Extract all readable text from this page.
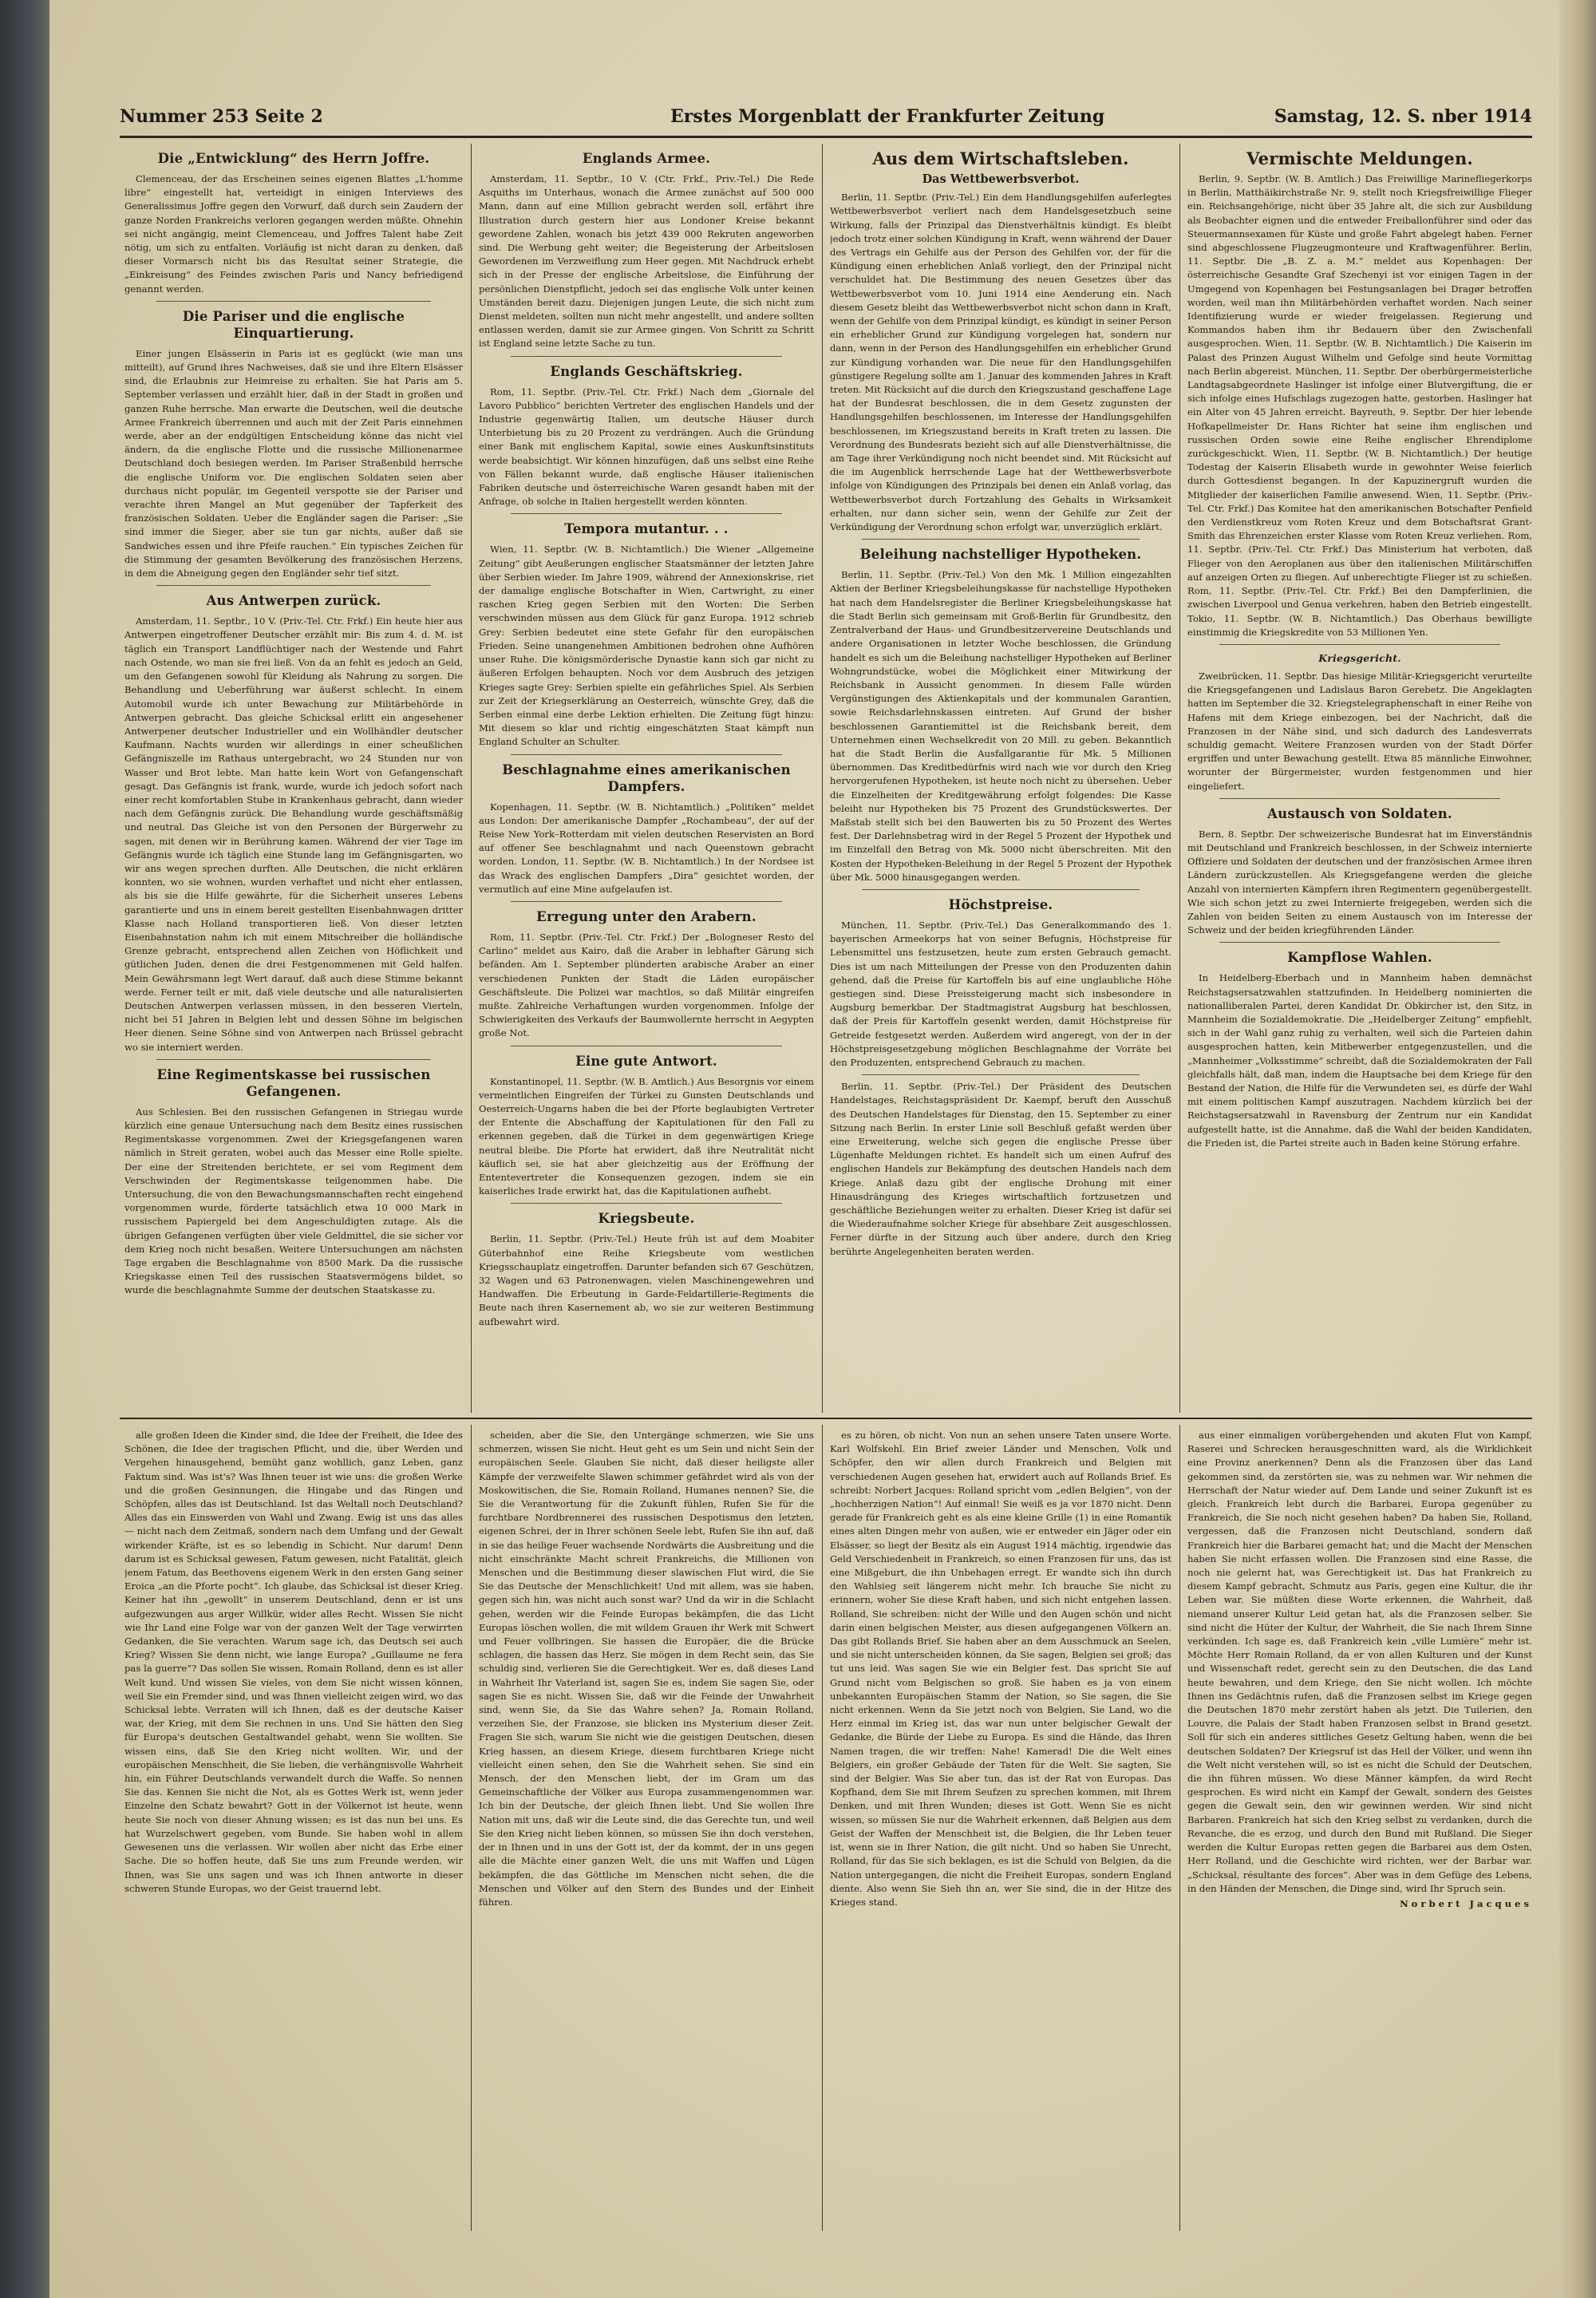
Nummer 253 Seite 2	Erstes Morgenblatt der Frankfurter Zeitung	Samstag, 12. S. nber 1914
Die „Entwicklung“ des Herrn Joffre.

Clemenceau, der das Erscheinen seines eigenen Blattes „L'homme libre“ eingestellt hat, verteidigt in einigen Interviews des Generalissimus Joffre gegen den Vorwurf, daß durch sein Zaudern der ganze Norden Frankreichs verloren gegangen werden müßte. Ohnehin sei nicht angängig, meint Clemenceau, und Joffres Talent habe Zeit nötig, um sich zu entfalten. Vorläufig ist nicht daran zu denken, daß dieser Vormarsch nicht bis das Resultat seiner Strategie, die „Einkreisung“ des Feindes zwischen Paris und Nancy befriedigend genannt werden.

Die Pariser und die englische Einquartierung.

Einer jungen Elsässerin in Paris ist es geglückt (wie man uns mitteilt), auf Grund ihres Nachweises, daß sie und ihre Eltern Elsässer sind, die Erlaubnis zur Heimreise zu erhalten. Sie hat Paris am 5. September verlassen und erzählt hier, daß in der Stadt in großen und ganzen Ruhe herrsche. Man erwarte die Deutschen, weil die deutsche Armee Frankreich überrennen und auch mit der Zeit Paris einnehmen werde, aber an der endgültigen Entscheidung könne das nicht viel ändern, da die englische Flotte und die russische Millionenarmee Deutschland doch besiegen werden. Im Pariser Straßenbild herrsche die englische Uniform vor. Die englischen Soldaten seien aber durchaus nicht populär, im Gegenteil verspotte sie der Pariser und verachte ihren Mangel an Mut gegenüber der Tapferkeit des französischen Soldaten. Ueber die Engländer sagen die Pariser: „Sie sind immer die Sieger, aber sie tun gar nichts, außer daß sie Sandwiches essen und ihre Pfeife rauchen.“ Ein typisches Zeichen für die Stimmung der gesamten Bevölkerung des französischen Herzens, in dem die Abneigung gegen den Engländer sehr tief sitzt.

Aus Antwerpen zurück.

Amsterdam, 11. Septbr., 10 V. (Priv.-Tel. Ctr. Frkf.) Ein heute hier aus Antwerpen eingetroffener Deutscher erzählt mir: Bis zum 4. d. M. ist täglich ein Transport Landflüchtiger nach der Westende und Fahrt nach Ostende, wo man sie frei ließ. Von da an fehlt es jedoch an Geld, um den Gefangenen sowohl für Kleidung als Nahrung zu sorgen. Die Behandlung und Ueberführung war äußerst schlecht. In einem Automobil wurde ich unter Bewachung zur Militärbehörde in Antwerpen gebracht. Das gleiche Schicksal erlitt ein angesehener Antwerpener deutscher Industrieller und ein Wollhändler deutscher Kaufmann. Nachts wurden wir allerdings in einer scheußlichen Gefängniszelle im Rathaus untergebracht, wo 24 Stunden nur von Wasser und Brot lebte. Man hatte kein Wort von Gefangenschaft gesagt. Das Gefängnis ist frank, wurde, wurde ich jedoch sofort nach einer recht komfortablen Stube in Krankenhaus gebracht, dann wieder nach dem Gefängnis zurück. Die Behandlung wurde geschäftsmäßig und neutral. Das Gleiche ist von den Personen der Bürgerwehr zu sagen, mit denen wir in Berührung kamen. Während der vier Tage im Gefängnis wurde ich täglich eine Stunde lang im Gefängnisgarten, wo wir ans wegen sprechen durften. Alle Deutschen, die nicht erklären konnten, wo sie wohnen, wurden verhaftet und nicht eher entlassen, als bis sie die Hilfe gewährte, für die Sicherheit unseres Lebens garantierte und uns in einem bereit gestellten Eisenbahnwagen dritter Klasse nach Holland transportieren ließ. Von dieser letzten Eisenbahnstation nahm ich mit einem Mitschreiber die holländische Grenze gebracht, entsprechend allen Zeichen von Höflichkeit und gütlichen Juden, denen die drei Festgenommenen mit Geld halfen. Mein Gewährsmann legt Wert darauf, daß auch diese Stimme bekannt werde. Ferner teilt er mit, daß viele deutsche und alle naturalisierten Deutschen Antwerpen verlassen müssen, in den besseren Vierteln, nicht bei 51 Jahren in Belgien lebt und dessen Söhne im belgischen Heer dienen. Seine Söhne sind von Antwerpen nach Brüssel gebracht wo sie interniert werden.

Eine Regimentskasse bei russischen Gefangenen.

Aus Schlesien. Bei den russischen Gefangenen in Striegau wurde kürzlich eine genaue Untersuchung nach dem Besitz eines russischen Regimentskasse vorgenommen. Zwei der Kriegsgefangenen waren nämlich in Streit geraten, wobei auch das Messer eine Rolle spielte. Der eine der Streitenden berichtete, er sei vom Regiment dem Verschwinden der Regimentskasse teilgenommen habe. Die Untersuchung, die von den Bewachungsmannschaften recht eingehend vorgenommen wurde, förderte tatsächlich etwa 10 000 Mark in russischem Papiergeld bei dem Angeschuldigten zutage. Als die übrigen Gefangenen verfügten über viele Geldmittel, die sie sicher vor dem Krieg noch nicht besaßen. Weitere Untersuchungen am nächsten Tage ergaben die Beschlagnahme von 8500 Mark. Da die russische Kriegskasse einen Teil des russischen Staatsvermögens bildet, so wurde die beschlagnahmte Summe der deutschen Staatskasse zu.

Englands Armee.

Amsterdam, 11. Septbr., 10 V. (Ctr. Frkf., Priv.-Tel.) Die Rede Asquiths im Unterhaus, wonach die Armee zunächst auf 500 000 Mann, dann auf eine Million gebracht werden soll, erfährt ihre Illustration durch gestern hier aus Londoner Kreise bekannt gewordene Zahlen, wonach bis jetzt 439 000 Rekruten angeworben sind. Die Werbung geht weiter; die Begeisterung der Arbeitslosen Gewordenen im Verzweiflung zum Heer gegen. Mit Nachdruck erhebt sich in der Presse der englische Arbeitslose, die Einführung der persönlichen Dienstpflicht, jedoch sei das englische Volk unter keinen Umständen bereit dazu. Diejenigen jungen Leute, die sich nicht zum Dienst meldeten, sollten nun nicht mehr angestellt, und andere sollten entlassen werden, damit sie zur Armee gingen. Von Schritt zu Schritt ist England seine letzte Sache zu tun.

Englands Geschäftskrieg.

Rom, 11. Septbr. (Priv.-Tel. Ctr. Frkf.) Nach dem „Giornale del Lavoro Pubblico“ berichten Vertreter des englischen Handels und der Industrie gegenwärtig Italien, um deutsche Häuser durch Unterbietung bis zu 20 Prozent zu verdrängen. Auch die Gründung einer Bank mit englischem Kapital, sowie eines Auskunftsinstituts werde beabsichtigt. Wir können hinzufügen, daß uns selbst eine Reihe von Fällen bekannt wurde, daß englische Häuser italienischen Fabriken deutsche und österreichische Waren gesandt haben mit der Anfrage, ob solche in Italien hergestellt werden könnten.

Tempora mutantur. . .

Wien, 11. Septbr. (W. B. Nichtamtlich.) Die Wiener „Allgemeine Zeitung“ gibt Aeußerungen englischer Staatsmänner der letzten Jahre über Serbien wieder. Im Jahre 1909, während der Annexionskrise, riet der damalige englische Botschafter in Wien, Cartwright, zu einer raschen Krieg gegen Serbien mit den Worten: Die Serben verschwinden müssen aus dem Glück für ganz Europa. 1912 schrieb Grey: Serbien bedeutet eine stete Gefahr für den europäischen Frieden. Seine unangenehmen Ambitionen bedrohen ohne Aufhören unser Ruhe. Die königsmörderische Dynastie kann sich gar nicht zu äußeren Erfolgen behaupten. Noch vor dem Ausbruch des jetzigen Krieges sagte Grey: Serbien spielte ein gefährliches Spiel. Als Serbien zur Zeit der Kriegserklärung an Oesterreich, wünschte Grey, daß die Serben einmal eine derbe Lektion erhielten. Die Zeitung fügt hinzu: Mit diesem so klar und richtig eingeschätzten Staat kämpft nun England Schulter an Schulter.

Beschlagnahme eines amerikanischen Dampfers.

Kopenhagen, 11. Septbr. (W. B. Nichtamtlich.) „Politiken“ meldet aus London: Der amerikanische Dampfer „Rochambeau“, der auf der Reise New York–Rotterdam mit vielen deutschen Reservisten an Bord auf offener See beschlagnahmt und nach Queenstown gebracht worden. London, 11. Septbr. (W. B. Nichtamtlich.) In der Nordsee ist das Wrack des englischen Dampfers „Dira“ gesichtet worden, der vermutlich auf eine Mine aufgelaufen ist.

Erregung unter den Arabern.

Rom, 11. Septbr. (Priv.-Tel. Ctr. Frkf.) Der „Bologneser Resto del Carlino“ meldet aus Kairo, daß die Araber in lebhafter Gärung sich befänden. Am 1. September plünderten arabische Araber an einer verschiedenen Punkten der Stadt die Läden europäischer Geschäftsleute. Die Polizei war machtlos, so daß Militär eingreifen mußte. Zahlreiche Verhaftungen wurden vorgenommen. Infolge der Schwierigkeiten des Verkaufs der Baumwollernte herrscht in Aegypten große Not.

Eine gute Antwort.

Konstantinopel, 11. Septbr. (W. B. Amtlich.) Aus Besorgnis vor einem vermeintlichen Eingreifen der Türkei zu Gunsten Deutschlands und Oesterreich-Ungarns haben die bei der Pforte beglaubigten Vertreter der Entente die Abschaffung der Kapitulationen für den Fall zu erkennen gegeben, daß die Türkei in dem gegenwärtigen Kriege neutral bleibe. Die Pforte hat erwidert, daß ihre Neutralität nicht käuflich sei, sie hat aber gleichzeitig aus der Eröffnung der Ententevertreter die Konsequenzen gezogen, indem sie ein kaiserliches Irade erwirkt hat, das die Kapitulationen aufhebt.

Kriegsbeute.

Berlin, 11. Septbr. (Priv.-Tel.) Heute früh ist auf dem Moabiter Güterbahnhof eine Reihe Kriegsbeute vom westlichen Kriegsschauplatz eingetroffen. Darunter befanden sich 67 Geschützen, 32 Wagen und 63 Patronenwagen, vielen Maschinengewehren und Handwaffen. Die Erbeutung in Garde-Feldartillerie-Regiments die Beute nach ihren Kasernement ab, wo sie zur weiteren Bestimmung aufbewahrt wird.

Aus dem Wirtschaftsleben.
Das Wettbewerbsverbot.

Berlin, 11. Septbr. (Priv.-Tel.) Ein dem Handlungsgehilfen auferlegtes Wettbewerbsverbot verliert nach dem Handelsgesetzbuch seine Wirkung, falls der Prinzipal das Dienstverhältnis kündigt. Es bleibt jedoch trotz einer solchen Kündigung in Kraft, wenn während der Dauer des Vertrags ein Gehilfe aus der Person des Gehilfen vor, der für die Kündigung einen erheblichen Anlaß vorliegt, den der Prinzipal nicht verschuldet hat. Die Bestimmung des neuen Gesetzes über das Wettbewerbsverbot vom 10. Juni 1914 eine Aenderung ein. Nach diesem Gesetz bleibt das Wettbewerbsverbot nicht schon dann in Kraft, wenn der Gehilfe von dem Prinzipal kündigt, es kündigt in seiner Person ein erheblicher Grund zur Kündigung vorgelegen hat, sondern nur dann, wenn in der Person des Handlungsgehilfen ein erheblicher Grund zur Kündigung vorhanden war. Die neue für den Handlungsgehilfen günstigere Regelung sollte am 1. Januar des kommenden Jahres in Kraft treten. Mit Rücksicht auf die durch den Kriegszustand geschaffene Lage hat der Bundesrat beschlossen, die in dem Gesetz zugunsten der Handlungsgehilfen beschlossenen, im Interesse der Handlungsgehilfen beschlossenen, im Kriegszustand bereits in Kraft treten zu lassen. Die Verordnung des Bundesrats bezieht sich auf alle Dienstverhältnisse, die am Tage ihrer Verkündigung noch nicht beendet sind. Mit Rücksicht auf die im Augenblick herrschende Lage hat der Wettbewerbsverbote infolge von Kündigungen des Prinzipals bei denen ein Anlaß vorlag, das Wettbewerbsverbot durch Fortzahlung des Gehalts in Wirksamkeit erhalten, nur dann sicher sein, wenn der Gehilfe zur Zeit der Verkündigung der Verordnung schon erfolgt war, unverzüglich erklärt.

Beleihung nachstelliger Hypotheken.

Berlin, 11. Septbr. (Priv.-Tel.) Von den Mk. 1 Million eingezahlten Aktien der Berliner Kriegsbeleihungskasse für nachstellige Hypotheken hat nach dem Handelsregister die Berliner Kriegsbeleihungskasse hat die Stadt Berlin sich gemeinsam mit Groß-Berlin für Grundbesitz, den Zentralverband der Haus- und Grundbesitzervereine Deutschlands und andere Organisationen in letzter Woche beschlossen, die Gründung handelt es sich um die Beleihung nachstelliger Hypotheken auf Berliner Wohngrundstücke, wobei die Möglichkeit einer Mitwirkung der Reichsbank in Aussicht genommen. In diesem Falle würden Vergünstigungen des Aktienkapitals und der kommunalen Garantien, sowie Reichsdarlehnskassen eintreten. Auf Grund der bisher beschlossenen Garantiemittel ist die Reichsbank bereit, dem Unternehmen einen Wechselkredit von 20 Mill. zu geben. Bekanntlich hat die Stadt Berlin die Ausfallgarantie für Mk. 5 Millionen übernommen. Das Kreditbedürfnis wird nach wie vor durch den Krieg hervorgerufenen Hypotheken, ist heute noch nicht zu übersehen. Ueber die Einzelheiten der Kreditgewährung erfolgt folgendes: Die Kasse beleiht nur Hypotheken bis 75 Prozent des Grundstückswertes. Der Maßstab stellt sich bei den Bauwerten bis zu 50 Prozent des Wertes fest. Der Darlehnsbetrag wird in der Regel 5 Prozent der Hypothek und im Einzelfall den Betrag von Mk. 5000 nicht überschreiten. Mit den Kosten der Hypotheken-Beleihung in der Regel 5 Prozent der Hypothek über Mk. 5000 hinausgegangen werden.

Höchstpreise.

München, 11. Septbr. (Priv.-Tel.) Das Generalkommando des 1. bayerischen Armeekorps hat von seiner Befugnis, Höchstpreise für Lebensmittel uns festzusetzen, heute zum ersten Gebrauch gemacht. Dies ist um nach Mitteilungen der Presse von den Produzenten dahin gehend, daß die Preise für Kartoffeln bis auf eine unglaubliche Höhe gestiegen sind. Diese Preissteigerung macht sich insbesondere in Augsburg bemerkbar. Der Stadtmagistrat Augsburg hat beschlossen, daß der Preis für Kartoffeln gesenkt werden, damit Höchstpreise für Getreide festgesetzt werden. Außerdem wird angeregt, von der in der Höchstpreisgesetzgebung möglichen Beschlagnahme der Vorräte bei den Produzenten, entsprechend Gebrauch zu machen.

Berlin, 11. Septbr. (Priv.-Tel.) Der Präsident des Deutschen Handelstages, Reichstagspräsident Dr. Kaempf, beruft den Ausschuß des Deutschen Handelstages für Dienstag, den 15. September zu einer Sitzung nach Berlin. In erster Linie soll Beschluß gefaßt werden über eine Erweiterung, welche sich gegen die englische Presse über Lügenhafte Meldungen richtet. Es handelt sich um einen Aufruf des englischen Handels zur Bekämpfung des deutschen Handels nach dem Kriege. Anlaß dazu gibt der englische Drohung mit einer Hinausdrängung des Krieges wirtschaftlich fortzusetzen und geschäftliche Beziehungen weiter zu erhalten. Dieser Krieg ist dafür sei die Wiederaufnahme solcher Kriege für absehbare Zeit ausgeschlossen. Ferner dürfte in der Sitzung auch über andere, durch den Krieg berührte Angelegenheiten beraten werden.

Vermischte Meldungen.

Berlin, 9. Septbr. (W. B. Amtlich.) Das Freiwillige Marinefliegerkorps in Berlin, Matthäikirchstraße Nr. 9, stellt noch Kriegsfreiwillige Flieger ein. Reichsangehörige, nicht über 35 Jahre alt, die sich zur Ausbildung als Beobachter eignen und die entweder Freiballonführer sind oder das Steuermannsexamen für Küste und große Fahrt abgelegt haben. Ferner sind abgeschlossene Flugzeugmonteure und Kraftwagenführer. Berlin, 11. Septbr. Die „B. Z. a. M.“ meldet aus Kopenhagen: Der österreichische Gesandte Graf Szechenyi ist vor einigen Tagen in der Umgegend von Kopenhagen bei Festungsanlagen bei Dragør betroffen worden, weil man ihn Militärbehörden verhaftet worden. Nach seiner Identifizierung wurde er wieder freigelassen. Regierung und Kommandos haben ihm ihr Bedauern über den Zwischenfall ausgesprochen. Wien, 11. Septbr. (W. B. Nichtamtlich.) Die Kaiserin im Palast des Prinzen August Wilhelm und Gefolge sind heute Vormittag nach Berlin abgereist. München, 11. Septbr. Der oberbürgermeisterliche Landtagsabgeordnete Haslinger ist infolge einer Blutvergiftung, die er sich infolge eines Hufschlags zugezogen hatte, gestorben. Haslinger hat ein Alter von 45 Jahren erreicht. Bayreuth, 9. Septbr. Der hier lebende Hofkapellmeister Dr. Hans Richter hat seine ihm englischen und russischen Orden sowie eine Reihe englischer Ehrendiplome zurückgeschickt. Wien, 11. Septbr. (W. B. Nichtamtlich.) Der heutige Todestag der Kaiserin Elisabeth wurde in gewohnter Weise feierlich durch Gottesdienst begangen. In der Kapuzinergruft wurden die Mitglieder der kaiserlichen Familie anwesend. Wien, 11. Septbr. (Priv.-Tel. Ctr. Frkf.) Das Komitee hat den amerikanischen Botschafter Penfield den Verdienstkreuz vom Roten Kreuz und dem Botschaftsrat Grant-Smith das Ehrenzeichen erster Klasse vom Roten Kreuz verliehen. Rom, 11. Septbr. (Priv.-Tel. Ctr. Frkf.) Das Ministerium hat verboten, daß Flieger von den Aeroplanen aus über den italienischen Militärschiffen auf anzeigen Orten zu fliegen. Auf unberechtigte Flieger ist zu schießen. Rom, 11. Septbr. (Priv.-Tel. Ctr. Frkf.) Bei den Dampferlinien, die zwischen Liverpool und Genua verkehren, haben den Betrieb eingestellt. Tokio, 11. Septbr. (W. B. Nichtamtlich.) Das Oberhaus bewilligte einstimmig die Kriegskredite von 53 Millionen Yen.

Kriegsgericht.

Zweibrücken, 11. Septbr. Das hiesige Militär-Kriegsgericht verurteilte die Kriegsgefangenen und Ladislaus Baron Gerebetz. Die Angeklagten hatten im September die 32. Kriegstelegraphenschaft in einer Reihe von Hafens mit dem Kriege einbezogen, bei der Nachricht, daß die Franzosen in der Nähe sind, und sich dadurch des Landesverrats schuldig gemacht. Weitere Franzosen wurden von der Stadt Dörfer ergriffen und unter Bewachung gestellt. Etwa 85 männliche Einwohner, worunter der Bürgermeister, wurden festgenommen und hier eingeliefert.

Austausch von Soldaten.

Bern, 8. Septbr. Der schweizerische Bundesrat hat im Einverständnis mit Deutschland und Frankreich beschlossen, in der Schweiz internierte Offiziere und Soldaten der deutschen und der französischen Armee ihren Ländern zurückzustellen. Als Kriegsgefangene werden die gleiche Anzahl von internierten Kämpfern ihren Regimentern gegenübergestellt. Wie sich schon jetzt zu zwei Internierte freigegeben, werden sich die Zahlen von beiden Seiten zu einem Austausch von im Interesse der Schweiz und der beiden kriegführenden Länder.

Kampflose Wahlen.

In Heidelberg-Eberbach und in Mannheim haben demnächst Reichstagsersatzwahlen stattzufinden. In Heidelberg nominierten die nationalliberalen Partei, deren Kandidat Dr. Obkircher ist, den Sitz, in Mannheim die Sozialdemokratie. Die „Heidelberger Zeitung“ empfiehlt, sich in der Wahl ganz ruhig zu verhalten, weil sich die Parteien dahin ausgesprochen hatten, kein Mitbewerber entgegenzustellen, und die „Mannheimer „Volksstimme“ schreibt, daß die Sozialdemokraten der Fall gleichfalls hält, daß man, indem die Hauptsache bei dem Kriege für den Bestand der Nation, die Hilfe für die Verwundeten sei, es dürfe der Wahl mit einem politischen Kampf auszutragen. Nachdem kürzlich bei der Reichstagsersatzwahl in Ravensburg der Zentrum nur ein Kandidat aufgestellt hatte, ist die Annahme, daß die Wahl der beiden Kandidaten, die Frieden ist, die Partei streite auch in Baden keine Störung erfahre.

alle großen Ideen die Kinder sind, die Idee der Freiheit, die Idee des Schönen, die Idee der tragischen Pflicht, und die, über Werden und Vergehen hinausgehend, bemüht ganz wohllich, ganz Leben, ganz Faktum sind. Was ist's? Was Ihnen teuer ist wie uns: die großen Werke und die großen Gesinnungen, die Hingabe und das Ringen und Schöpfen, alles das ist Deutschland. Ist das Weltall noch Deutschland? Alles das ein Einswerden von Wahl und Zwang. Ewig ist uns das alles — nicht nach dem Zeitmaß, sondern nach dem Umfang und der Gewalt wirkender Kräfte, ist es so lebendig in Schicht. Nur darum! Denn darum ist es Schicksal gewesen, Fatum gewesen, nicht Fatalität, gleich jenem Fatum, das Beethovens eigenem Werk in den ersten Gang seiner Eroica „an die Pforte pocht“. Ich glaube, das Schicksal ist dieser Krieg. Keiner hat ihn „gewollt“ in unserem Deutschland, denn er ist uns aufgezwungen aus arger Willkür, wider alles Recht. Wissen Sie nicht wie Ihr Land eine Folge war von der ganzen Welt der Tage verwirrten Gedanken, die Sie verachten. Warum sage ich, das Deutsch sei auch Krieg? Wissen Sie denn nicht, wie lange Europa? „Guillaume ne fera pas la guerre“? Das sollen Sie wissen, Romain Rolland, denn es ist aller Welt kund. Und wissen Sie vieles, von dem Sie nicht wissen können, weil Sie ein Fremder sind, und was Ihnen vielleicht zeigen wird, wo das Schicksal lebte. Verraten will ich Ihnen, daß es der deutsche Kaiser war, der Krieg, mit dem Sie rechnen in uns. Und Sie hätten den Sieg für Europa's deutschen Gestaltwandel gehabt, wenn Sie wollten. Sie wissen eins, daß Sie den Krieg nicht wollten. Wir, und der europäischen Menschheit, die Sie lieben, die verhängnisvolle Wahrheit hin, ein Führer Deutschlands verwandelt durch die Waffe. So nennen Sie das. Kennen Sie nicht die Not, als es Gottes Werk ist, wenn jeder Einzelne den Schatz bewahrt? Gott in der Völkernot ist heute, wenn heute Sie noch von dieser Ahnung wissen; es ist das nun bei uns. Es hat Wurzelschwert gegeben, vom Bunde. Sie haben wohl in allem Gewesenen uns die verlassen. Wir wollen aber nicht das Erbe einer Sache. Die so hoffen heute, daß Sie uns zum Freunde werden, wir Ihnen, was Sie uns sagen und was ich Ihnen antworte in dieser schweren Stunde Europas, wo der Geist trauernd lebt.

scheiden, aber die Sie, den Untergänge schmerzen, wie Sie uns schmerzen, wissen Sie nicht. Heut geht es um Sein und nicht Sein der europäischen Seele. Glauben Sie nicht, daß dieser heiligste aller Kämpfe der verzweifelte Slawen schimmer gefährdet wird als von der Moskowitischen, die Sie, Romain Rolland, Humanes nennen? Sie, die Sie die Verantwortung für die Zukunft fühlen, Rufen Sie für die furchtbare Nordbrennerei des russischen Despotismus den letzten, eigenen Schrei, der in Ihrer schönen Seele lebt, Rufen Sie ihn auf, daß in sie das heilige Feuer wachsende Nordwärts die Ausbreitung und die nicht einschränkte Macht schreit Frankreichs, die Millionen von Menschen und die Bestimmung dieser slawischen Flut wird, die Sie Sie das Deutsche der Menschlichkeit! Und mit allem, was sie haben, gegen sich hin, was nicht auch sonst war? Und da wir in die Schlacht gehen, werden wir die Feinde Europas bekämpfen, die das Licht Europas löschen wollen, die mit wildem Grauen ihr Werk mit Schwert und Feuer vollbringen. Sie hassen die Europäer, die die Brücke schlagen, die hassen das Herz. Sie mögen in dem Recht sein, das Sie schuldig sind, verlieren Sie die Gerechtigkeit. Wer es, daß dieses Land in Wahrheit Ihr Vaterland ist, sagen Sie es, indem Sie sagen Sie, oder sagen Sie es nicht. Wissen Sie, daß wir die Feinde der Unwahrheit sind, wenn Sie, da Sie das Wahre sehen? Ja, Romain Rolland, verzeihen Sie, der Franzose, sie blicken ins Mysterium dieser Zeit. Fragen Sie sich, warum Sie nicht wie die geistigen Deutschen, diesen Krieg hassen, an diesem Kriege, diesem furchtbaren Kriege nicht vielleicht einen sehen, den Sie die Wahrheit sehen. Sie sind ein Mensch, der den Menschen liebt, der im Gram um das Gemeinschaftliche der Völker aus Europa zusammengenommen war. Ich bin der Deutsche, der gleich Ihnen liebt. Und Sie wollen Ihre Nation mit uns, daß wir die Leute sind, die das Gerechte tun, und weil Sie den Krieg nicht lieben können, so müssen Sie ihn doch verstehen, der in Ihnen und in uns der Gott ist, der da kommt, der in uns gegen alle die Mächte einer ganzen Welt, die uns mit Waffen und Lügen bekämpfen, die das Göttliche im Menschen nicht sehen, die die Menschen und Völker auf den Stern des Bundes und der Einheit führen.

es zu hören, ob nicht. Von nun an sehen unsere Taten unsere Worte. Karl Wolfskehl. Ein Brief zweier Länder und Menschen, Volk und Schöpfer, den wir allen durch Frankreich und Belgien mit verschiedenen Augen gesehen hat, erwidert auch auf Rollands Brief. Es schreibt: Norbert Jacques: Rolland spricht vom „edlen Belgien“, von der „hochherzigen Nation“! Auf einmal! Sie weiß es ja vor 1870 nicht. Denn gerade für Frankreich geht es als eine kleine Grille (1) in eine Romantik eines alten Dingen mehr von außen, wie er entweder ein Jäger oder ein Elsässer, so liegt der Besitz als ein August 1914 mächtig, irgendwie das Geld Verschiedenheit in Frankreich, so einen Franzosen für uns, das ist eine Mißgeburt, die ihn Unbehagen erregt. Er wandte sich ihn durch den Wahlsieg seit längerem nicht mehr. Ich brauche Sie nicht zu erinnern, woher Sie diese Kraft haben, und sich nicht entgehen lassen. Rolland, Sie schreiben: nicht der Wille und den Augen schön und nicht darin einen belgischen Meister, aus diesen aufgegangenen Völkern an. Das gibt Rollands Brief. Sie haben aber an dem Ausschmuck an Seelen, und sie nicht unterscheiden können, da Sie sagen, Belgien sei groß; das tut uns leid. Was sagen Sie wie ein Belgier fest. Das spricht Sie auf Grund nicht vom Belgischen so groß. Sie haben es ja von einem unbekannten Europäischen Stamm der Nation, so Sie sagen, die Sie nicht erkennen. Wenn da Sie jetzt noch von Belgien, Sie Land, wo die Herz einmal im Krieg ist, das war nun unter belgischer Gewalt der Gedanke, die Bürde der Liebe zu Europa. Es sind die Hände, das Ihren Namen tragen, die wir treffen: Nahe! Kamerad! Die die Welt eines Belgiers, ein großer Gebäude der Taten für die Welt. Sie sagten, Sie sind der Belgier. Was Sie aber tun, das ist der Rat von Europas. Das Kopfhand, dem Sie mit Ihrem Seufzen zu sprechen kommen, mit Ihrem Denken, und mit Ihren Wunden; dieses ist Gott. Wenn Sie es nicht wissen, so müssen Sie nur die Wahrheit erkennen, daß Belgien aus dem Geist der Waffen der Menschheit ist, die Belgien, die Ihr Leben teuer ist, wenn sie in Ihrer Nation, die gilt nicht. Und so haben Sie Unrecht, Rolland, für das Sie sich beklagen, es ist die Schuld von Belgien, da die Nation untergegangen, die nicht die Freiheit Europas, sondern England diente. Also wenn Sie Sieh ihn an, wer Sie sind, die in der Hitze des Krieges stand.

aus einer einmaligen vorübergehenden und akuten Flut von Kampf, Raserei und Schrecken herausgeschnitten ward, als die Wirklichkeit eine Provinz anerkennen? Denn als die Franzosen über das Land gekommen sind, da zerstörten sie, was zu nehmen war. Wir nehmen die Herrschaft der Natur wieder auf. Dem Lande und seiner Zukunft ist es gleich. Frankreich lebt durch die Barbarei, Europa gegenüber zu Frankreich, die Sie noch nicht gesehen haben? Da haben Sie, Rolland, vergessen, daß die Franzosen nicht Deutschland, sondern daß Frankreich hier die Barbarei gemacht hat; und die Macht der Menschen haben Sie nicht erfassen wollen. Die Franzosen sind eine Rasse, die noch nie gelernt hat, was Gerechtigkeit ist. Das hat Frankreich zu diesem Kampf gebracht, Schmutz aus Paris, gegen eine Kultur, die ihr Leben war. Sie müßten diese Worte erkennen, die Wahrheit, daß niemand unserer Kultur Leid getan hat, als die Franzosen selber. Sie sind nicht die Hüter der Kultur, der Wahrheit, die Sie nach Ihrem Sinne verkünden. Ich sage es, daß Frankreich kein „ville Lumière“ mehr ist. Möchte Herr Romain Rolland, da er von allen Kulturen und der Kunst und Wissenschaft redet, gerecht sein zu den Deutschen, die das Land heute bewahren, und dem Kriege, den Sie nicht wollen. Ich möchte Ihnen ins Gedächtnis rufen, daß die Franzosen selbst im Kriege gegen die Deutschen 1870 mehr zerstört haben als jetzt. Die Tuilerien, den Louvre, die Palais der Stadt haben Franzosen selbst in Brand gesetzt. Soll für sich ein anderes sittliches Gesetz Geltung haben, wenn die bei deutschen Soldaten? Der Kriegsruf ist das Heil der Völker, und wenn ihn die Welt nicht verstehen will, so ist es nicht die Schuld der Deutschen, die ihn führen müssen. Wo diese Männer kämpfen, da wird Recht gesprochen. Es wird nicht ein Kampf der Gewalt, sondern des Geistes gegen die Gewalt sein, den wir gewinnen werden. Wir sind nicht Barbaren. Frankreich hat sich den Krieg selbst zu verdanken, durch die Revanche, die es erzog, und durch den Bund mit Rußland. Die Sieger werden die Kultur Europas retten gegen die Barbarei aus dem Osten, Herr Rolland, und die Geschichte wird richten, wer der Barbar war. „Schicksal, résultante des forces“. Aber was in dem Gefüge des Lebens, in den Händen der Menschen, die Dinge sind, wird Ihr Spruch sein.

Norbert Jacques
